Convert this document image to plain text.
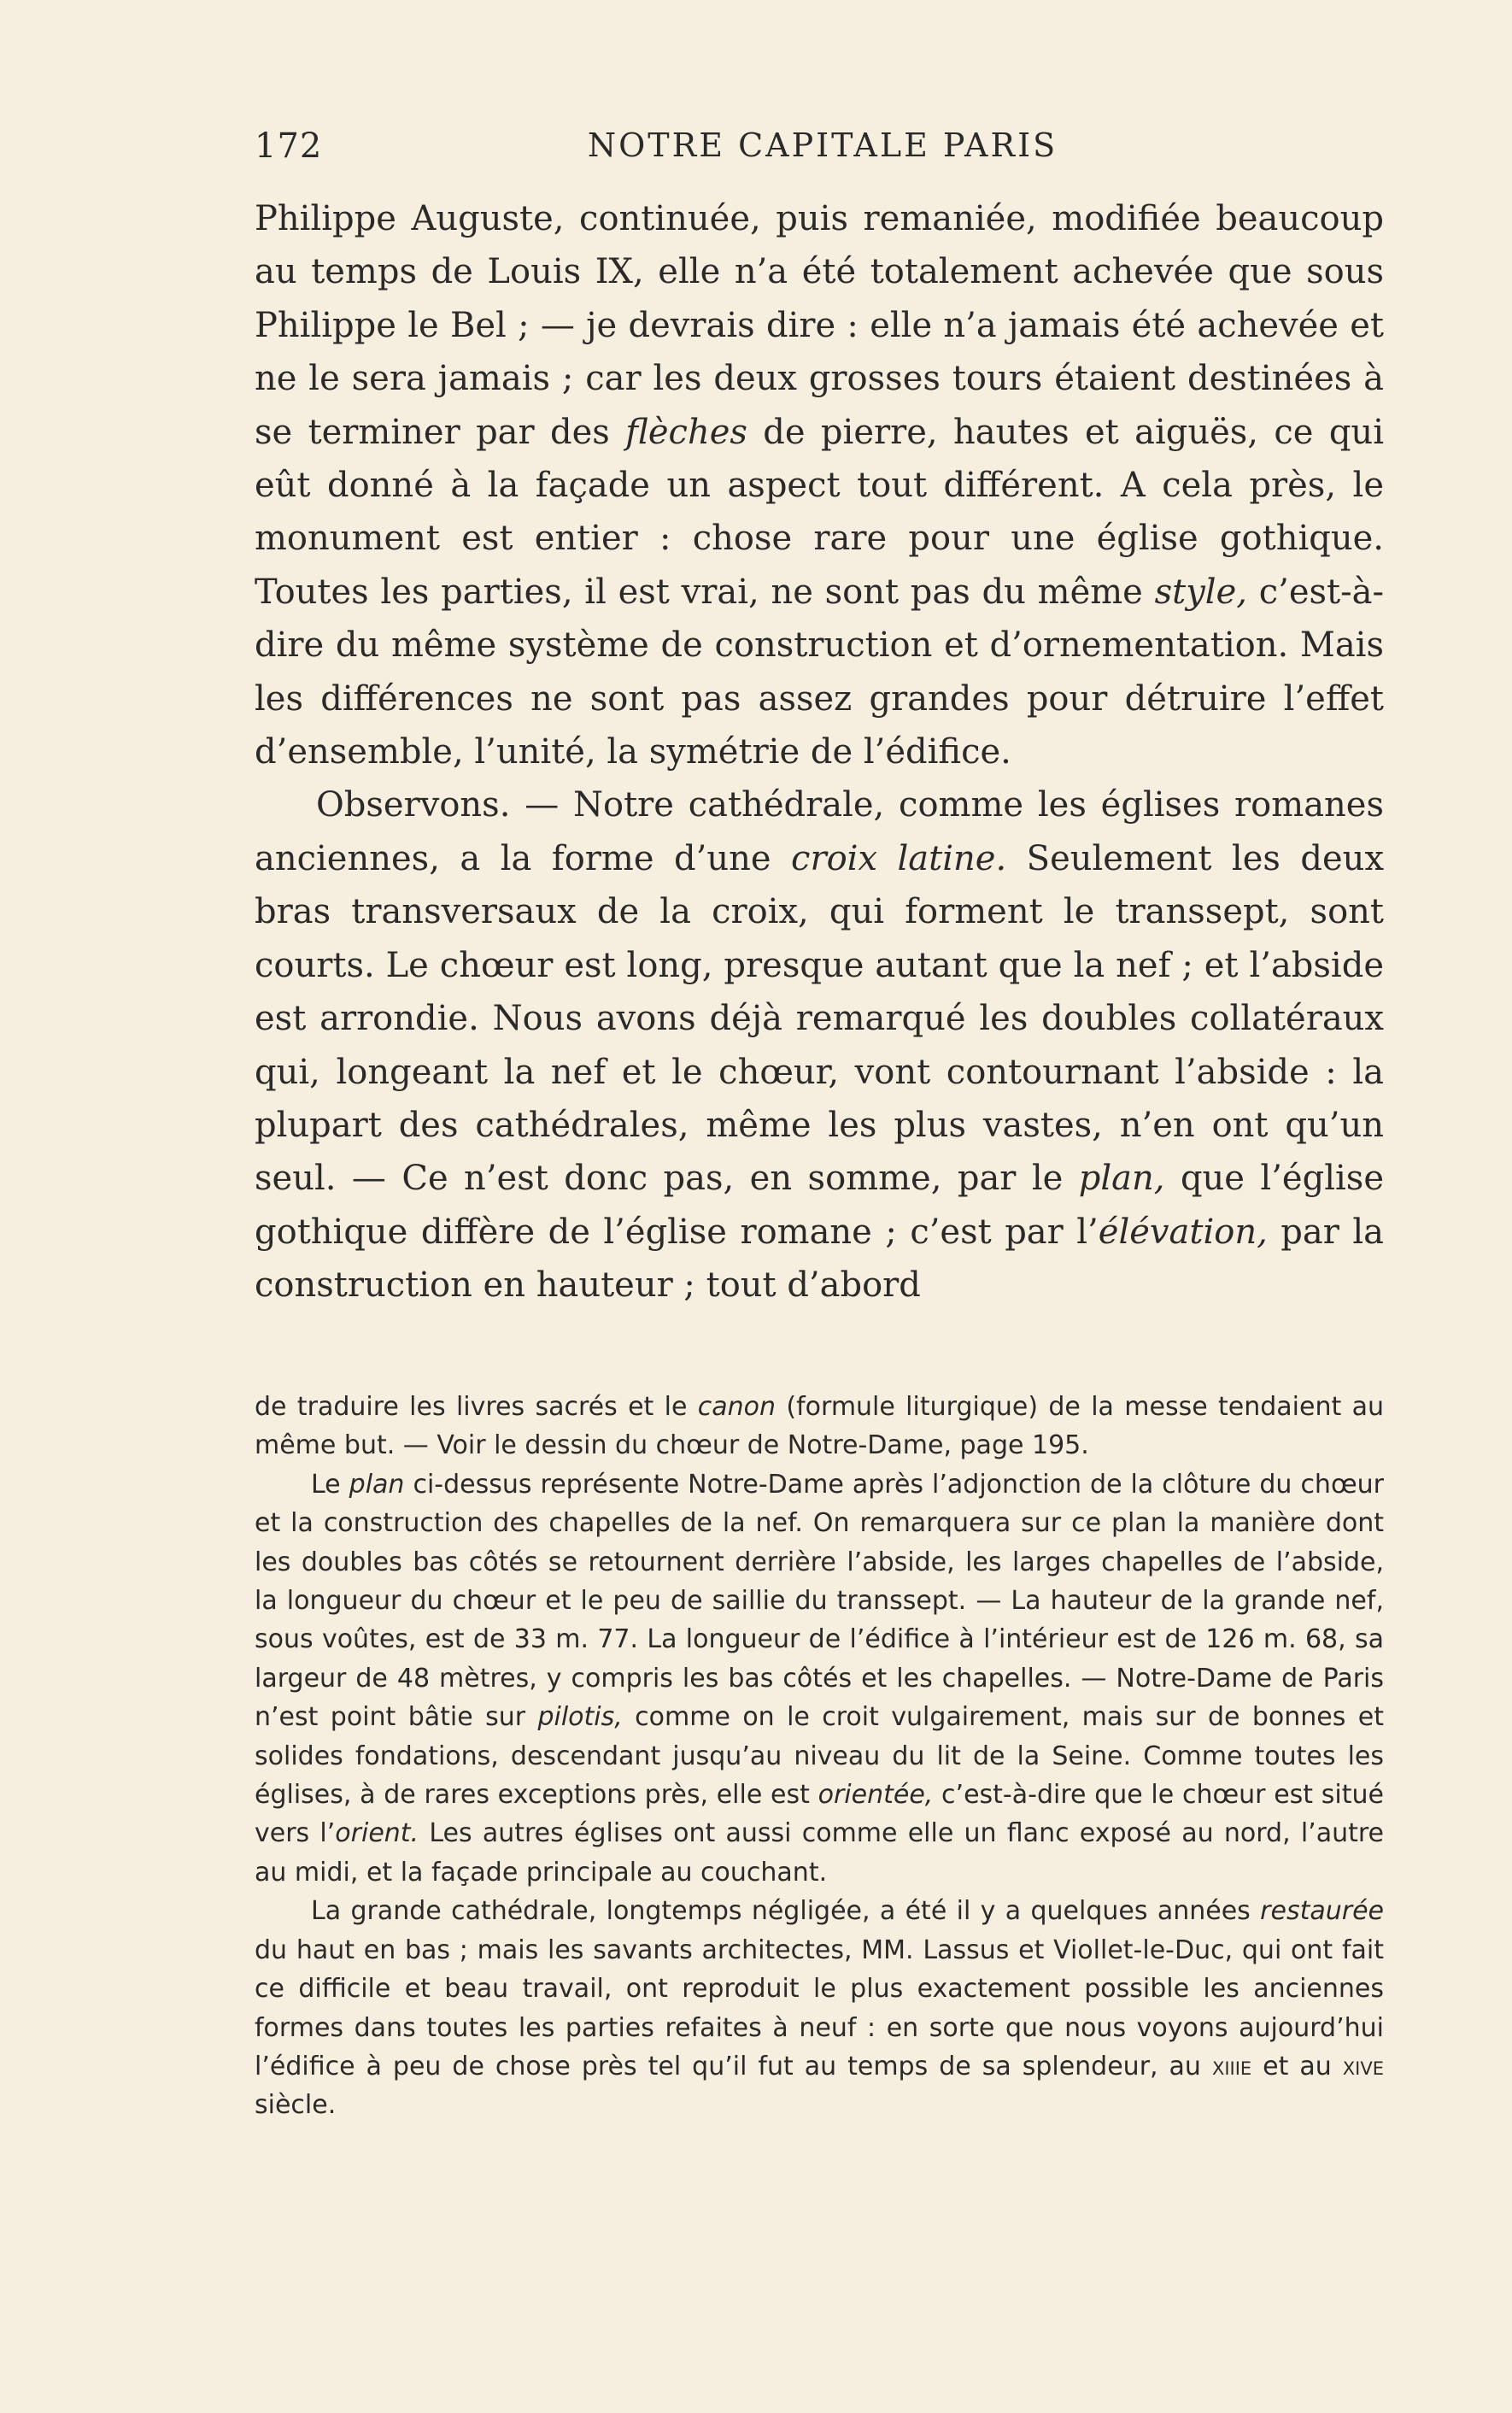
172	NOTRE CAPITALE PARIS

Philippe Auguste, continuée, puis remaniée, modifiée beaucoup au temps de Louis IX, elle n’a été totalement achevée que sous Philippe le Bel ; — je devrais dire : elle n’a jamais été achevée et ne le sera jamais ; car les deux grosses tours étaient destinées à se terminer par des flèches de pierre, hautes et aiguës, ce qui eût donné à la façade un aspect tout différent. A cela près, le monument est entier : chose rare pour une église gothique. Toutes les parties, il est vrai, ne sont pas du même style, c’est-à-dire du même système de construction et d’ornementation. Mais les différences ne sont pas assez grandes pour détruire l’effet d’ensemble, l’unité, la symétrie de l’édifice.

Observons. — Notre cathédrale, comme les églises romanes anciennes, a la forme d’une croix latine. Seulement les deux bras transversaux de la croix, qui forment le transsept, sont courts. Le chœur est long, presque autant que la nef ; et l’abside est arrondie. Nous avons déjà remarqué les doubles collatéraux qui, longeant la nef et le chœur, vont contournant l’abside : la plupart des cathédrales, même les plus vastes, n’en ont qu’un seul. — Ce n’est donc pas, en somme, par le plan, que l’église gothique diffère de l’église romane ; c’est par l’élévation, par la construction en hauteur ; tout d’abord

de traduire les livres sacrés et le canon (formule liturgique) de la messe tendaient au même but. — Voir le dessin du chœur de Notre-Dame, page 195.

Le plan ci-dessus représente Notre-Dame après l’adjonction de la clôture du chœur et la construction des chapelles de la nef. On remarquera sur ce plan la manière dont les doubles bas côtés se retournent derrière l’abside, les larges chapelles de l’abside, la longueur du chœur et le peu de saillie du transsept. — La hauteur de la grande nef, sous voûtes, est de 33 m. 77. La longueur de l’édifice à l’intérieur est de 126 m. 68, sa largeur de 48 mètres, y compris les bas côtés et les chapelles. — Notre-Dame de Paris n’est point bâtie sur pilotis, comme on le croit vulgairement, mais sur de bonnes et solides fondations, descendant jusqu’au niveau du lit de la Seine. Comme toutes les églises, à de rares exceptions près, elle est orientée, c’est-à-dire que le chœur est situé vers l’orient. Les autres églises ont aussi comme elle un flanc exposé au nord, l’autre au midi, et la façade principale au couchant.

La grande cathédrale, longtemps négligée, a été il y a quelques années restaurée du haut en bas ; mais les savants architectes, MM. Lassus et Viollet-le-Duc, qui ont fait ce difficile et beau travail, ont reproduit le plus exactement possible les anciennes formes dans toutes les parties refaites à neuf : en sorte que nous voyons aujourd’hui l’édifice à peu de chose près tel qu’il fut au temps de sa splendeur, au xiiie et au xive siècle.
